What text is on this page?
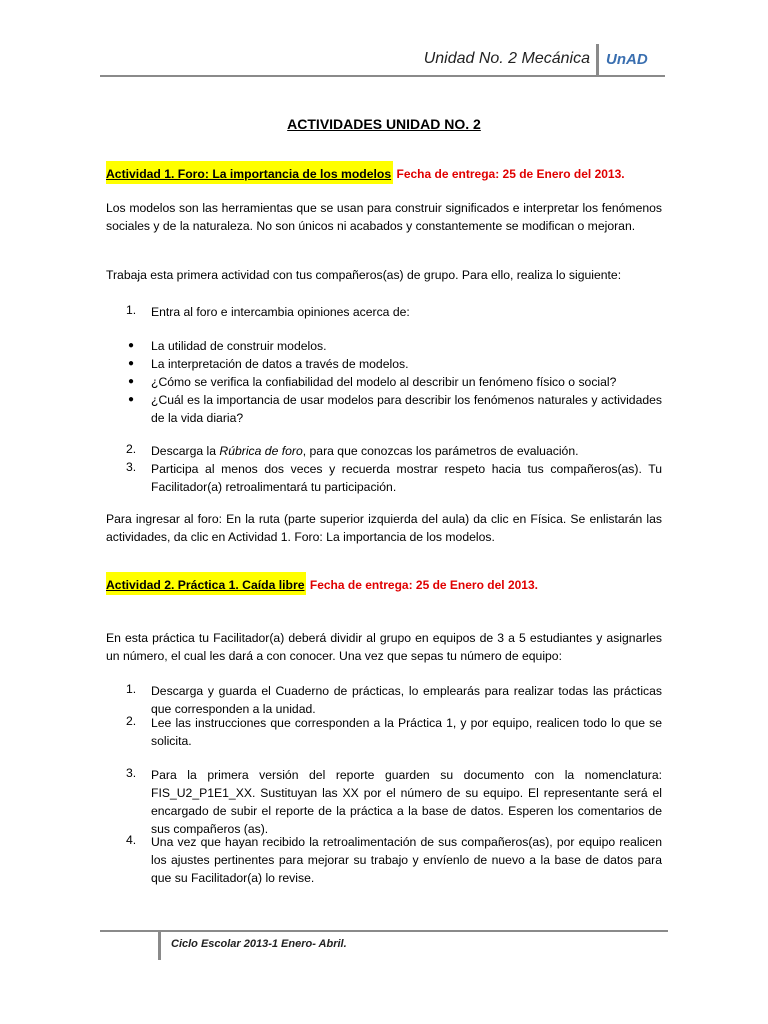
Unidad No. 2 Mecánica UnAD
ACTIVIDADES UNIDAD NO. 2
Actividad 1. Foro: La importancia de los modelos Fecha de entrega: 25 de Enero del 2013.
Los modelos son las herramientas que se usan para construir significados e interpretar los fenómenos sociales y de la naturaleza. No son únicos ni acabados y constantemente se modifican o mejoran.
Trabaja esta primera actividad con tus compañeros(as) de grupo. Para ello, realiza lo siguiente:
1. Entra al foro e intercambia opiniones acerca de:
● La utilidad de construir modelos.
● La interpretación de datos a través de modelos.
● ¿Cómo se verifica la confiabilidad del modelo al describir un fenómeno físico o social?
● ¿Cuál es la importancia de usar modelos para describir los fenómenos naturales y actividades de la vida diaria?
2. Descarga la Rúbrica de foro, para que conozcas los parámetros de evaluación.
3. Participa al menos dos veces y recuerda mostrar respeto hacia tus compañeros(as). Tu Facilitador(a) retroalimentará tu participación.
Para ingresar al foro: En la ruta (parte superior izquierda del aula) da clic en Física. Se enlistarán las actividades, da clic en Actividad 1. Foro: La importancia de los modelos.
Actividad 2. Práctica 1. Caída libre Fecha de entrega: 25 de Enero del 2013.
En esta práctica tu Facilitador(a) deberá dividir al grupo en equipos de 3 a 5 estudiantes y asignarles un número, el cual les dará a con conocer. Una vez que sepas tu número de equipo:
1. Descarga y guarda el Cuaderno de prácticas, lo emplearás para realizar todas las prácticas que corresponden a la unidad.
2. Lee las instrucciones que corresponden a la Práctica 1, y por equipo, realicen todo lo que se solicita.
3. Para la primera versión del reporte guarden su documento con la nomenclatura: FIS_U2_P1E1_XX. Sustituyan las XX por el número de su equipo. El representante será el encargado de subir el reporte de la práctica a la base de datos. Esperen los comentarios de sus compañeros (as).
4. Una vez que hayan recibido la retroalimentación de sus compañeros(as), por equipo realicen los ajustes pertinentes para mejorar su trabajo y envíenlo de nuevo a la base de datos para que su Facilitador(a) lo revise.
Ciclo Escolar 2013-1 Enero- Abril.
